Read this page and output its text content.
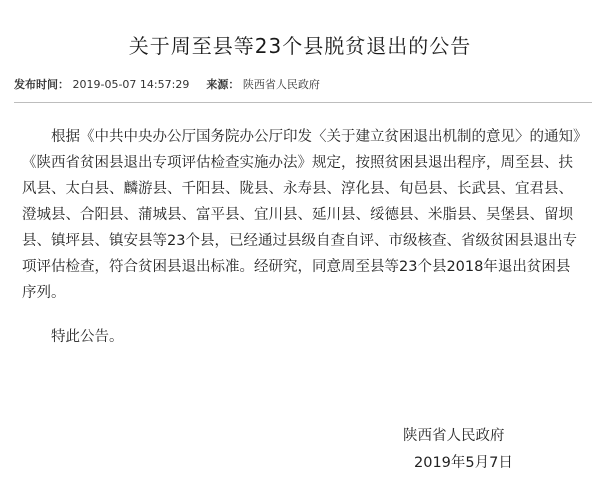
关于周至县等23个县脱贫退出的公告
发布时间： 2019-05-07 14:57:29 来源： 陕西省人民政府

根据《中共中央办公厅国务院办公厅印发〈关于建立贫困退出机制的意见〉的通知》《陕西省贫困县退出专项评估检查实施办法》规定，按照贫困县退出程序，周至县、扶风县、太白县、麟游县、千阳县、陇县、永寿县、淳化县、旬邑县、长武县、宜君县、澄城县、合阳县、蒲城县、富平县、宜川县、延川县、绥德县、米脂县、吴堡县、留坝县、镇坪县、镇安县等23个县，已经通过县级自查自评、市级核查、省级贫困县退出专项评估检查，符合贫困县退出标准。经研究，同意周至县等23个县2018年退出贫困县序列。

特此公告。

陕西省人民政府
2019年5月7日
